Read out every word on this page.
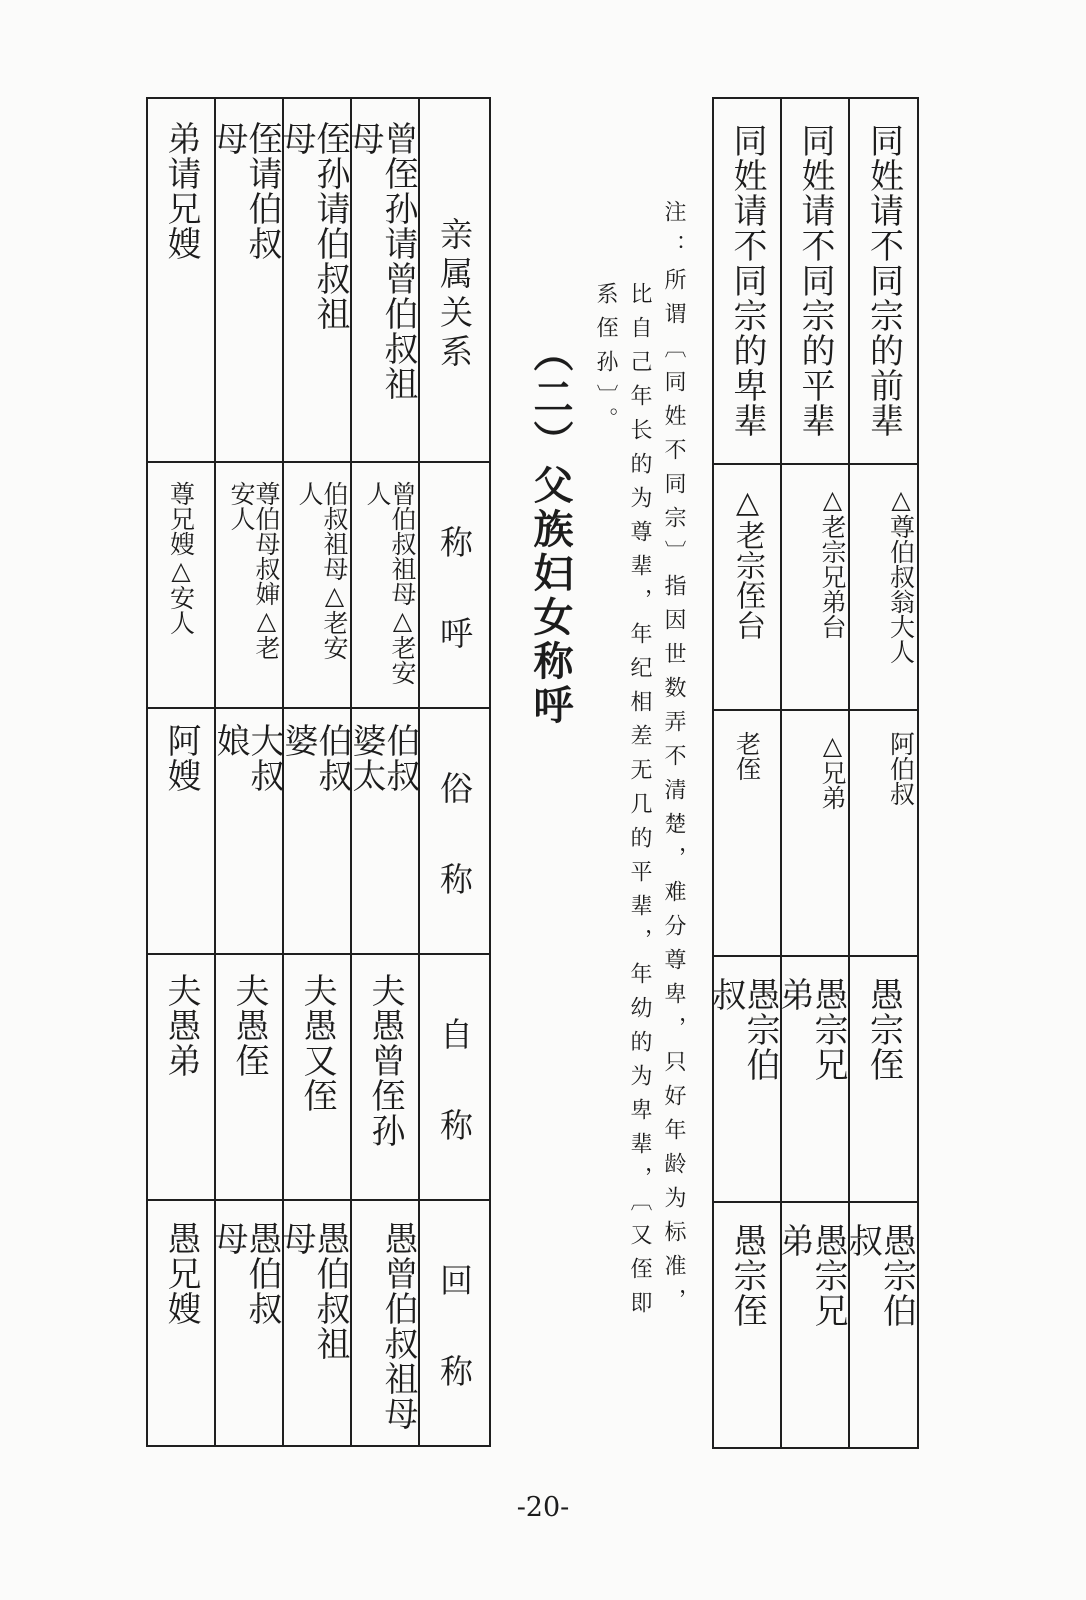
同姓请不同宗的卑辈	同姓请不同宗的平辈	同姓请不同宗的前辈

△老宗侄台	△老宗兄弟台	△尊伯叔翁大人

老侄	△兄弟	阿伯叔

愚宗伯叔	愚宗兄弟	愚宗侄

愚宗侄	愚宗兄弟	愚宗伯叔
注：所谓〔同姓不同宗〕指因世数弄不清楚，难分尊卑，只好年龄为标准，
比自己年长的为尊辈，年纪相差无几的平辈，年幼的为卑辈，〔又侄即
系侄孙〕。
（二）父族妇女称呼
弟请兄嫂	侄请伯叔母	侄孙请伯叔祖母	曾侄孙请曾伯叔祖母	亲属关系

尊兄嫂△安人	尊伯母叔婶△老安人	伯叔祖母△老安人	曾伯叔祖母△老安人	称呼

阿嫂	大叔娘	伯叔婆	伯叔婆太	俗称

夫愚弟	夫愚侄	夫愚又侄	夫愚曾侄孙	自称

愚兄嫂	愚伯叔母	愚伯叔祖母	愚曾伯叔祖母	回称
-20-
